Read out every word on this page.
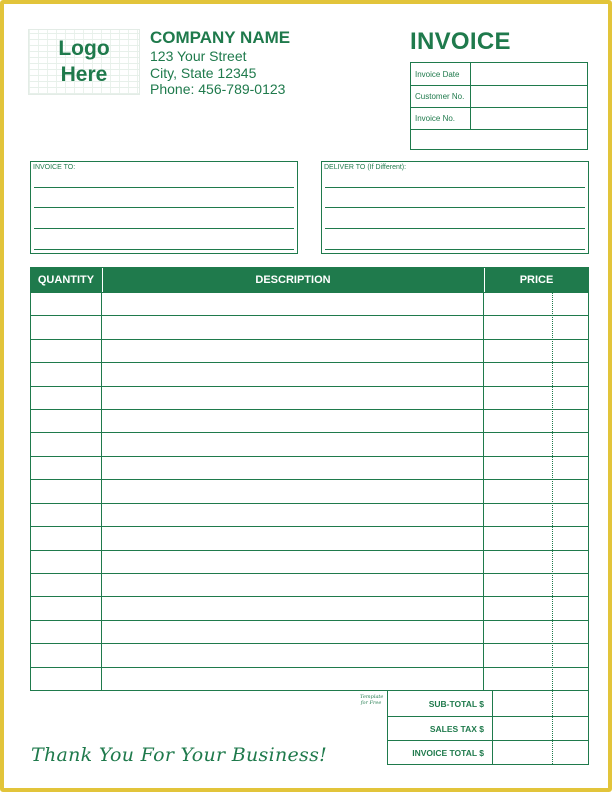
Logo
Here
COMPANY NAME
123 Your Street
City, State 12345
Phone: 456-789-0123
INVOICE
Invoice Date
Customer No.
Invoice No.
INVOICE TO:	DELIVER TO (If Different):
QUANTITY	DESCRIPTION	PRICE
SUB-TOTAL $
SALES TAX $
INVOICE TOTAL $
Template
for Free
Thank You For Your Business!
